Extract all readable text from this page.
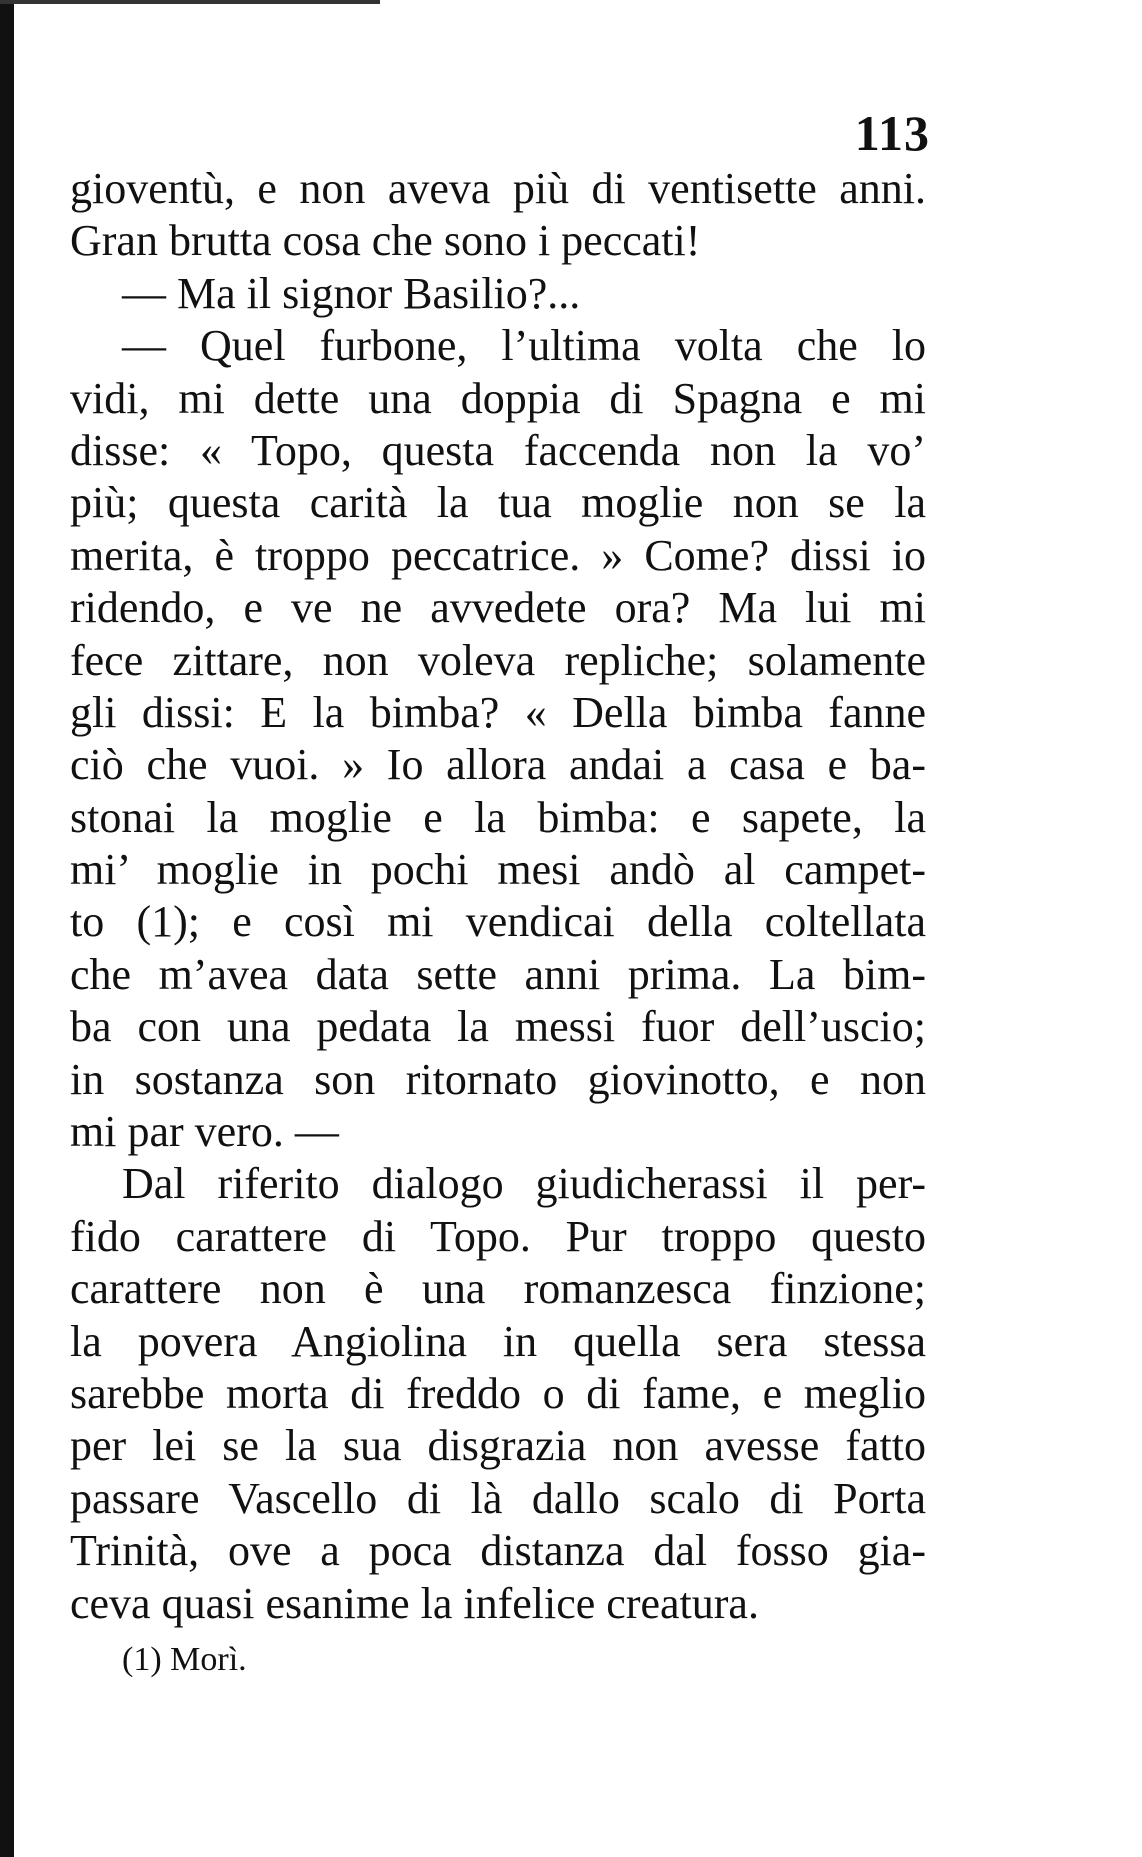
113
gioventù, e non aveva più di ventisette anni.
Gran brutta cosa che sono i peccati!
— Ma il signor Basilio?...
— Quel furbone, l’ultima volta che lo
vidi, mi dette una doppia di Spagna e mi
disse: « Topo, questa faccenda non la vo’
più; questa carità la tua moglie non se la
merita, è troppo peccatrice. » Come? dissi io
ridendo, e ve ne avvedete ora? Ma lui mi
fece zittare, non voleva repliche; solamente
gli dissi: E la bimba? « Della bimba fanne
ciò che vuoi. » Io allora andai a casa e ba-
stonai la moglie e la bimba: e sapete, la
mi’ moglie in pochi mesi andò al campet-
to (1); e così mi vendicai della coltellata
che m’avea data sette anni prima. La bim-
ba con una pedata la messi fuor dell’uscio;
in sostanza son ritornato giovinotto, e non
mi par vero. —
Dal riferito dialogo giudicherassi il per-
fido carattere di Topo. Pur troppo questo
carattere non è una romanzesca finzione;
la povera Angiolina in quella sera stessa
sarebbe morta di freddo o di fame, e meglio
per lei se la sua disgrazia non avesse fatto
passare Vascello di là dallo scalo di Porta
Trinità, ove a poca distanza dal fosso gia-
ceva quasi esanime la infelice creatura.
(1) Morì.
